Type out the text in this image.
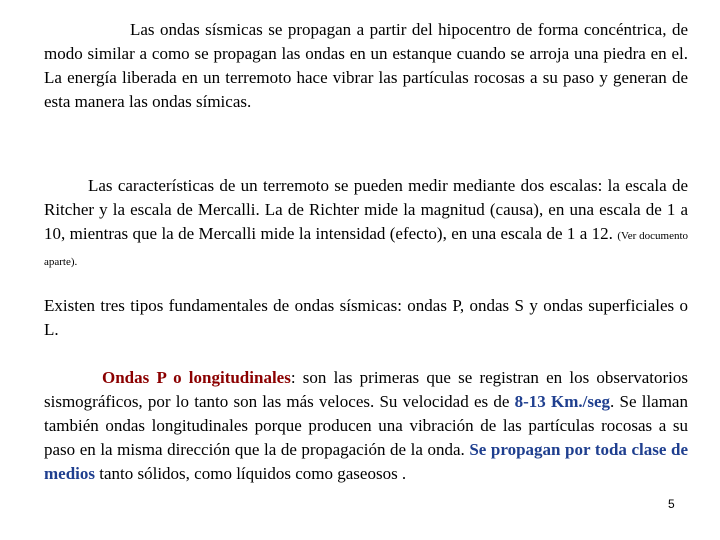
Las ondas sísmicas se propagan a partir del hipocentro de forma concéntrica, de modo similar a como se propagan las ondas en un estanque cuando se arroja una piedra en el. La energía liberada en un terremoto hace vibrar las partículas rocosas a su paso y generan de esta manera las ondas símicas.

Las características de un terremoto se pueden medir mediante dos escalas: la escala de Ritcher y la escala de Mercalli. La de Richter mide la magnitud (causa), en una escala de 1 a 10, mientras que la de Mercalli mide la intensidad (efecto), en una escala de 1 a 12. (Ver documento aparte).

Existen tres tipos fundamentales de ondas sísmicas: ondas P, ondas S y ondas superficiales o L.

Ondas P o longitudinales: son las primeras que se registran en los observatorios sismográficos, por lo tanto son las más veloces. Su velocidad es de 8-13 Km./seg. Se llaman también ondas longitudinales porque producen una vibración de las partículas rocosas a su paso en la misma dirección que la de propagación de la onda. Se propagan por toda clase de medios tanto sólidos, como líquidos como gaseosos .

5
